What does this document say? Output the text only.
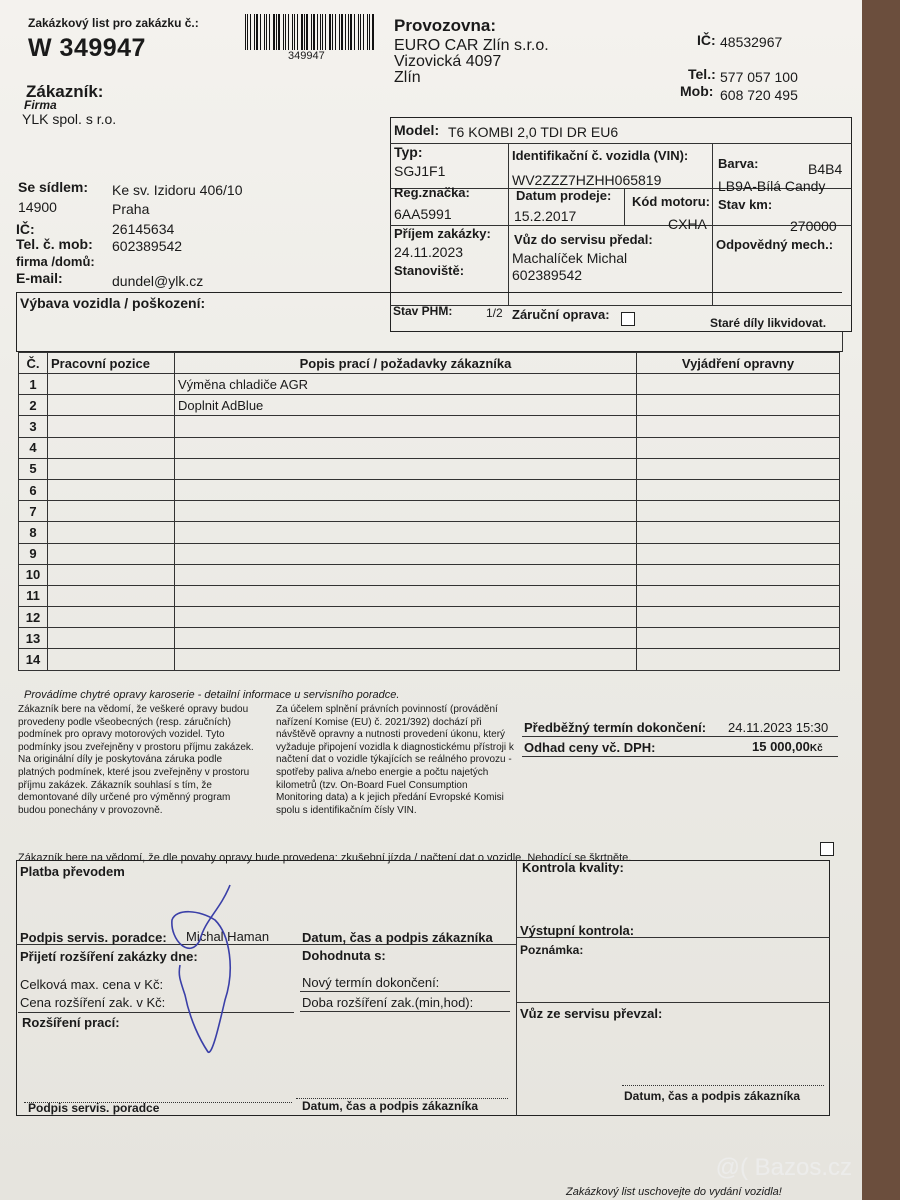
Zakázkový list pro zakázku č.:
W 349947	349947
Provozovna:
EURO CAR Zlín s.r.o.
Vizovická 4097
Zlín
IČ: 48532967
Tel.: 577 057 100
Mob: 608 720 495
Zákazník:
Firma
YLK spol. s r.o.
Se sídlem: Ke sv. Izidoru 406/10
14900	Praha
IČ:	26145634
Tel. č. mob: 602389542
firma /domů:
E-mail:	dundel@ylk.cz
Model: T6 KOMBI 2,0 TDI DR EU6
Typ:
SGJ1F1
Identifikační č. vozidla (VIN):
WV2ZZZ7HZHH065819
Barva:	B4B4
LB9A-Bílá Candy
Reg.značka:
6AA5991
Datum prodeje:
15.2.2017
Kód motoru:
CXHA
Stav km:
270000
Příjem zakázky:
24.11.2023
Stanoviště:
Vůz do servisu předal:
Machalíček Michal
602389542
Odpovědný mech.:
Stav PHM:	1/2 Záruční oprava:
Staré díly likvidovat.
Výbava vozidla / poškození:
Č.	Pracovní pozice	Popis prací / požadavky zákazníka	Vyjádření opravny
1		Výměna chladiče AGR	
2		Doplnit AdBlue	
3			
4			
5			
6			
7			
8			
9			
10			
11			
12			
13			
14			
Provádíme chytré opravy karoserie - detailní informace u servisního poradce.
Zákazník bere na vědomí, že veškeré opravy budou provedeny podle všeobecných (resp. záručních) podmínek pro opravy motorových vozidel. Tyto podmínky jsou zveřejněny v prostoru příjmu zakázek. Na originální díly je poskytována záruka podle platných podmínek, které jsou zveřejněny v prostoru příjmu zakázek. Zákazník souhlasí s tím, že demontované díly určené pro výměnný program budou ponechány v provozovně.
Za účelem splnění právních povinností (provádění nařízení Komise (EU) č. 2021/392) dochází při návštěvě opravny a nutnosti provedení úkonu, který vyžaduje připojení vozidla k diagnostickému přístroji k načtení dat o vozidle týkajících se reálného provozu - spotřeby paliva a/nebo energie a počtu najetých kilometrů (tzv. On-Board Fuel Consumption Monitoring data) a k jejich předání Evropské Komisi spolu s identifikačním čísly VIN.
Předběžný termín dokončení: 24.11.2023 15:30
Odhad ceny vč. DPH:	15 000,00Kč
Zákazník bere na vědomí, že dle povahy opravy bude provedena: zkušební jízda / načtení dat o vozidle. Nehodící se škrtněte.
Platba převodem
Podpis servis. poradce: Michal Haman	Datum, čas a podpis zákazníka
Kontrola kvality:
Výstupní kontrola:
Přijetí rozšíření zakázky dne:	Dohodnuta s:	Poznámka:
Celková max. cena v Kč:	Nový termín dokončení:
Cena rozšíření zak. v Kč:	Doba rozšíření zak.(min,hod):
Rozšíření prací:
Vůz ze servisu převzal:
Podpis servis. poradce	Datum, čas a podpis zákazníka
Datum, čas a podpis zákazníka
Zakázkový list uschovejte do vydání vozidla!
@( Bazos.cz
